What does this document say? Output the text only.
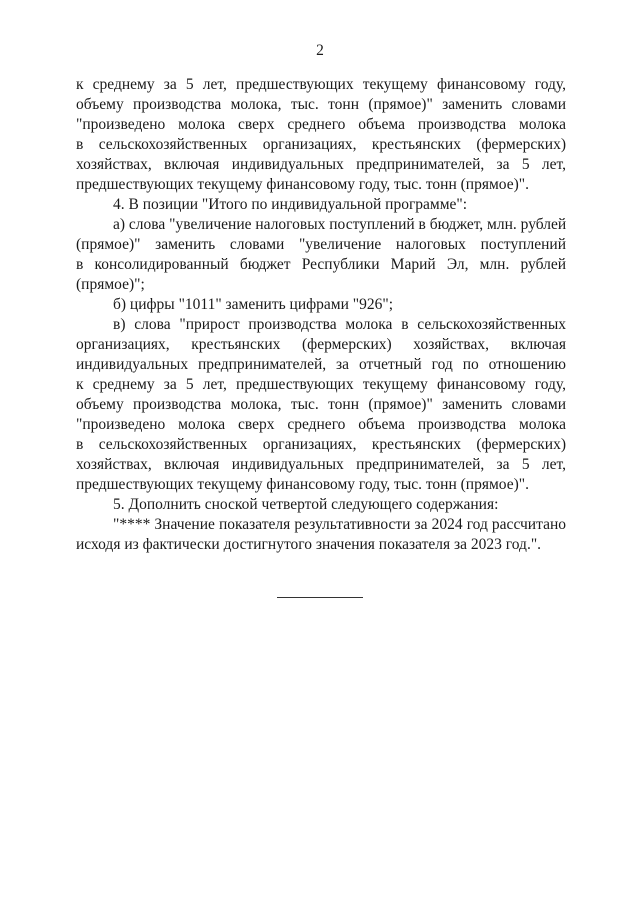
2
к среднему за 5 лет, предшествующих текущему финансовому году,
объему производства молока, тыс. тонн (прямое)" заменить словами
"произведено молока сверх среднего объема производства молока
в сельскохозяйственных организациях, крестьянских (фермерских)
хозяйствах, включая индивидуальных предпринимателей, за 5 лет,
предшествующих текущему финансовому году, тыс. тонн (прямое)".
4. В позиции "Итого по индивидуальной программе":
а) слова "увеличение налоговых поступлений в бюджет, млн. рублей
(прямое)" заменить словами "увеличение налоговых поступлений
в консолидированный бюджет Республики Марий Эл, млн. рублей
(прямое)";
б) цифры "1011" заменить цифрами "926";
в) слова "прирост производства молока в сельскохозяйственных
организациях, крестьянских (фермерских) хозяйствах, включая
индивидуальных предпринимателей, за отчетный год по отношению
к среднему за 5 лет, предшествующих текущему финансовому году,
объему производства молока, тыс. тонн (прямое)" заменить словами
"произведено молока сверх среднего объема производства молока
в сельскохозяйственных организациях, крестьянских (фермерских)
хозяйствах, включая индивидуальных предпринимателей, за 5 лет,
предшествующих текущему финансовому году, тыс. тонн (прямое)".
5. Дополнить сноской четвертой следующего содержания:
"**** Значение показателя результативности за 2024 год рассчитано
исходя из фактически достигнутого значения показателя за 2023 год.".
